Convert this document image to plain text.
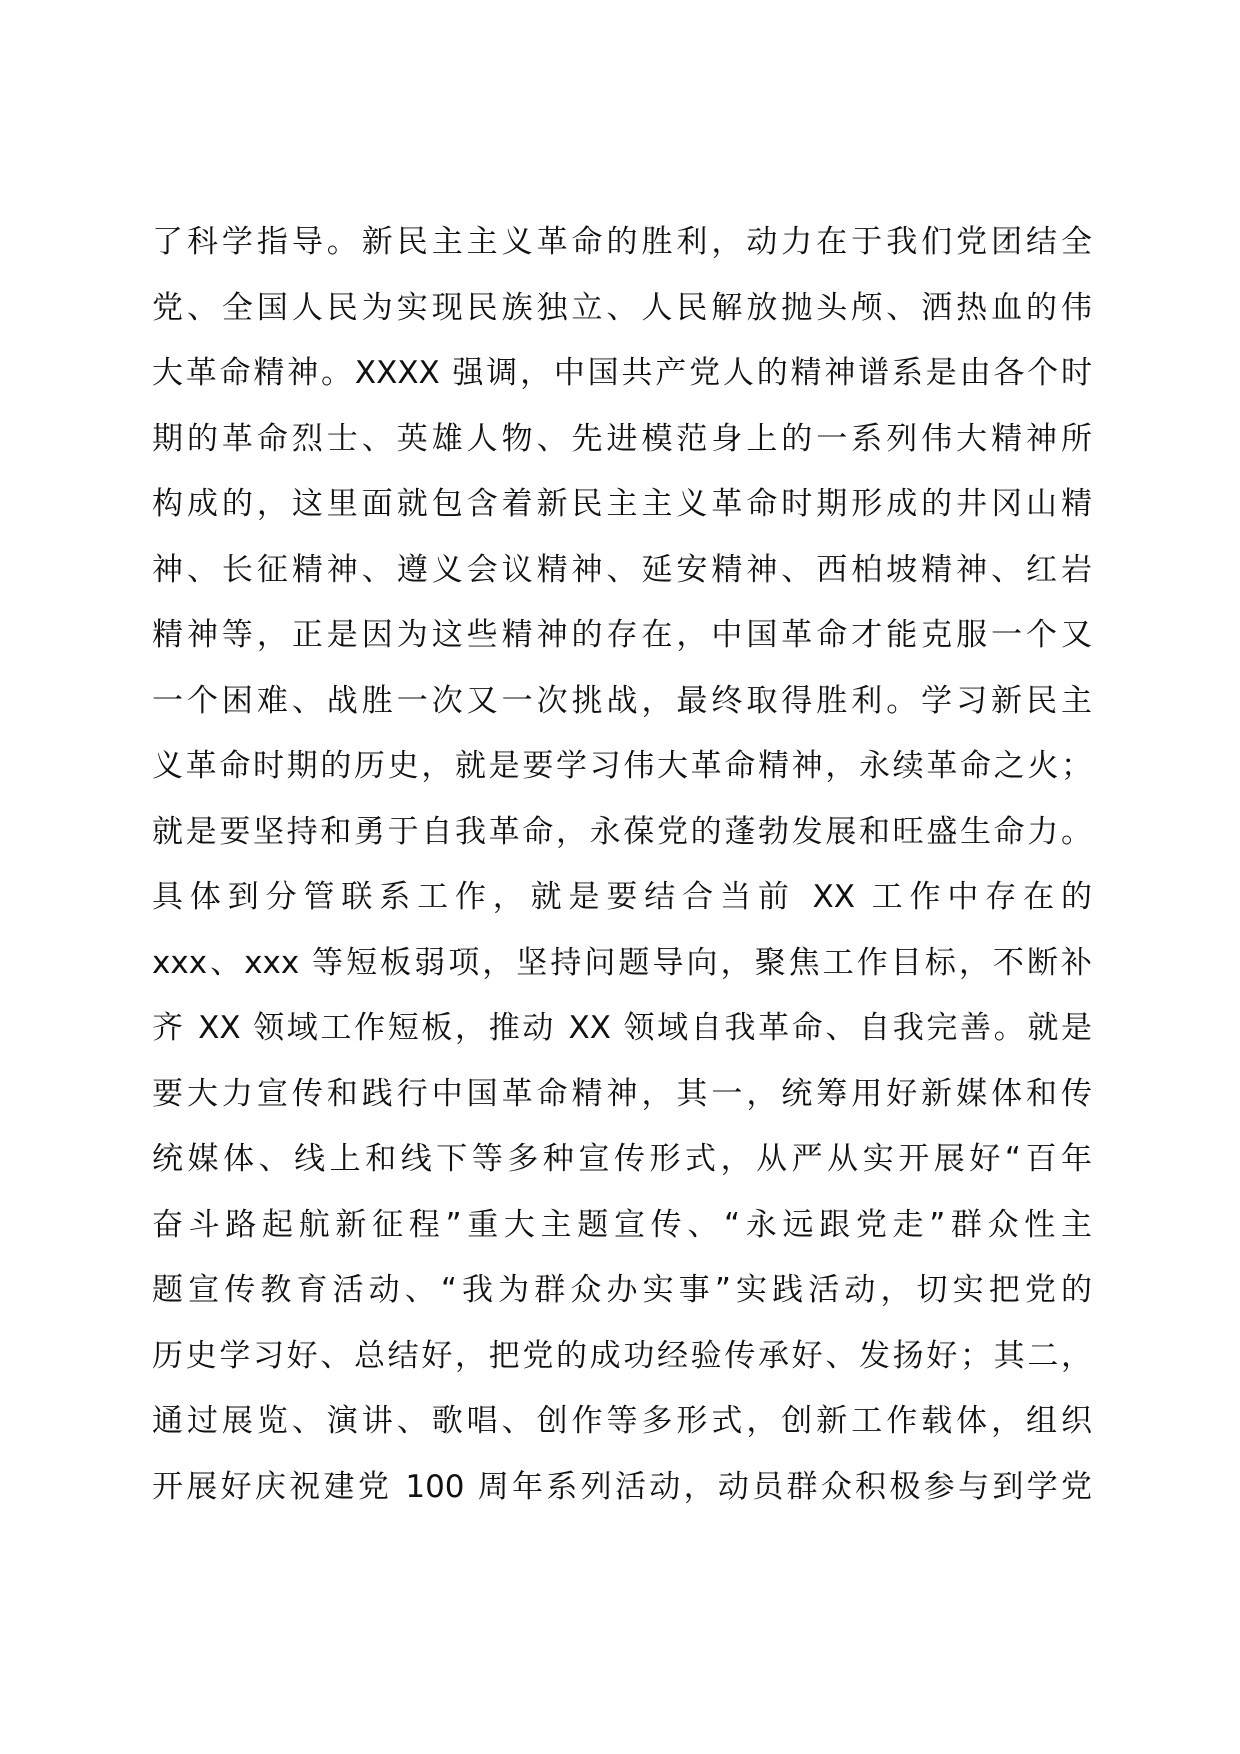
了科学指导。新民主主义革命的胜利，动力在于我们党团结全
党、全国人民为实现民族独立、人民解放抛头颅、洒热血的伟
大革命精神。XXXX 强调，中国共产党人的精神谱系是由各个时
期的革命烈士、英雄人物、先进模范身上的一系列伟大精神所
构成的，这里面就包含着新民主主义革命时期形成的井冈山精
神、长征精神、遵义会议精神、延安精神、西柏坡精神、红岩
精神等，正是因为这些精神的存在，中国革命才能克服一个又
一个困难、战胜一次又一次挑战，最终取得胜利。学习新民主
义革命时期的历史，就是要学习伟大革命精神，永续革命之火；
就是要坚持和勇于自我革命，永葆党的蓬勃发展和旺盛生命力。
具体到分管联系工作，就是要结合当前 XX 工作中存在的
xxx、xxx 等短板弱项，坚持问题导向，聚焦工作目标，不断补
齐 XX 领域工作短板，推动 XX 领域自我革命、自我完善。就是
要大力宣传和践行中国革命精神，其一，统筹用好新媒体和传
统媒体、线上和线下等多种宣传形式，从严从实开展好“百年
奋斗路起航新征程”重大主题宣传、“永远跟党走”群众性主
题宣传教育活动、“我为群众办实事”实践活动，切实把党的
历史学习好、总结好，把党的成功经验传承好、发扬好；其二，
通过展览、演讲、歌唱、创作等多形式，创新工作载体，组织
开展好庆祝建党 100 周年系列活动，动员群众积极参与到学党
